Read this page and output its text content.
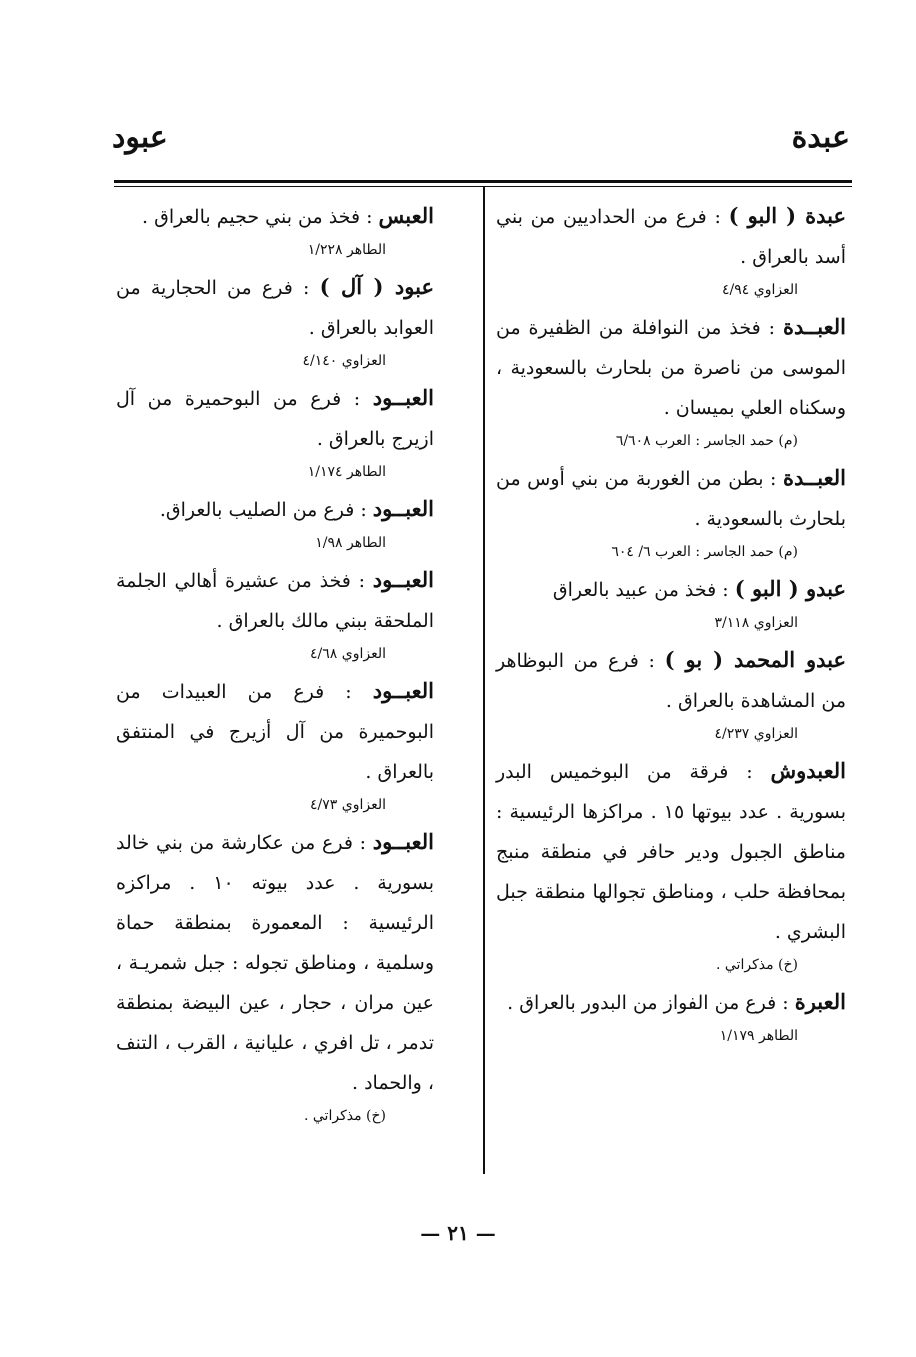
عبدة
عبود

عبدة ( البو ) : فرع من الحداديين من بني أسد بالعراق .

العزاوي ٤/٩٤

العبــدة : فخذ من النوافلة من الظفيرة من الموسى من ناصرة من بلحارث بالسعودية ، وسكناه العلي بميسان .

(م) حمد الجاسر : العرب ٦/٦٠٨

العبــدة : بطن من الغوربة من بني أوس من بلحارث بالسعودية .

(م) حمد الجاسر : العرب ٦/ ٦٠٤

عبدو ( البو ) : فخذ من عبيد بالعراق

العزاوي ٣/١١٨

عبدو المحمد ( بو ) : فرع من البوظاهر من المشاهدة بالعراق .

العزاوي ٤/٢٣٧

العبدوش : فرقة من البوخميس البدر بسورية . عدد بيوتها ١٥ . مراكزها الرئيسية : مناطق الجبول ودير حافر في منطقة منبج بمحافظة حلب ، ومناطق تجوالها منطقة جبل البشري .

(خ) مذكراتي .

العبرة : فرع من الفواز من البدور بالعراق .

الطاهر ١/١٧٩

العبس : فخذ من بني حجيم بالعراق .

الطاهر ١/٢٢٨

عبود ( آل ) : فرع من الحجارية من العوابد بالعراق .

العزاوي ٤/١٤٠

العبــود : فرع من البوحميرة من آل ازيرج بالعراق .

الطاهر ١/١٧٤

العبــود : فرع من الصليب بالعراق.

الطاهر ١/٩٨

العبــود : فخذ من عشيرة أهالي الجلمة الملحقة ببني مالك بالعراق .

العزاوي ٤/٦٨

العبــود : فرع من العبيدات من البوحميرة من آل أزيرج في المنتفق بالعراق .

العزاوي ٤/٧٣

العبــود : فرع من عكارشة من بني خالد بسورية . عدد بيوته ١٠ . مراكزه الرئيسية : المعمورة بمنطقة حماة وسلمية ، ومناطق تجوله : جبل شمريـة ، عين مران ، حجار ، عين البيضة بمنطقة تدمر ، تل افري ، عليانية ، القرب ، التنف ، والحماد .

(خ) مذكراتي .

— ٢١ —
